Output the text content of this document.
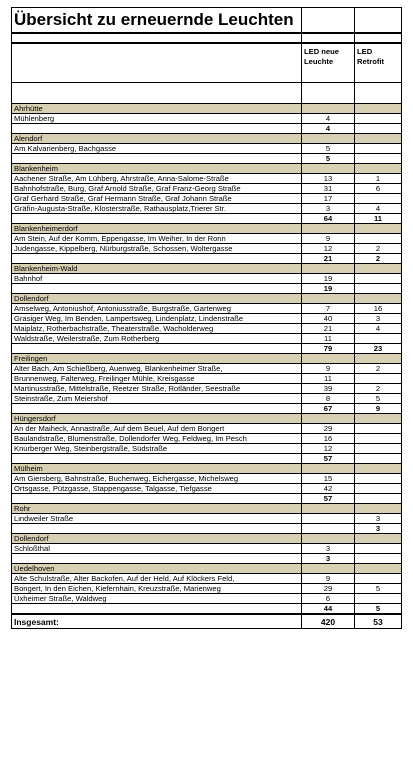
Übersicht zu erneuernde Leuchten		

	LED neue Leuchte	LED Retrofit

Ahrhütte		
Mühlenberg	4	
	4	
Alendorf		
Am Kalvarienberg, Bachgasse	5	
	5	
Blankenheim		
Aachener Straße, Am Lühberg, Ahrstraße, Anna-Salome-Straße	13	1
Bahnhofstraße, Burg, Graf Arnold Straße, Graf Franz-Georg Straße	31	6
Graf Gerhard Straße, Graf Hermann Straße, Graf Johann Straße	17	
Gräfin-Augusta-Straße, Klosterstraße, Rathausplatz,Trierer Str.	3	4
	64	11
Blankenheimerdorf		
Am Stein, Auf der Komm, Eppengasse, Im Weiher, In der Ronn	9	
Judengasse, Kippelberg, Nürburgstraße, Schossen, Woltergasse	12	2
	21	2
Blankenheim-Wald		
Bahnhof	19	
	19	
Dollendorf		
Amselweg, Antoniushof, Antoniusstraße, Burgstraße, Gartenweg	7	16
Grasiger Weg, Im Benden, Lampertsweg, Lindenplatz, Lindenstraße	40	3
Maiplatz, Rotherbachstraße, Theaterstraße, Wacholderweg	21	4
Waldstraße, Weilerstraße, Zum Rotherberg	11	
	79	23
Freilingen		
Alter Bach, Am Schießberg, Auenweg, Blankenheimer Straße,	9	2
Brunnenweg, Falterweg, Freilinger Mühle, Kreisgasse	11	
Martinusstraße, Mittelstraße, Reetzer Straße, Rotländer, Seestraße	39	2
Steinstraße, Zum Meiershof	8	5
	67	9
Hüngersdorf		
An der Maiheck, Annastraße, Auf dem Beuel, Auf dem Bongert	29	
Baulandstraße, Blumenstraße, Dollendorfer Weg, Feldweg, Im Pesch	16	
Knurberger Weg, Steinbergstraße, Südstraße	12	
	57	
Mülheim		
Am Giersberg, Bahnstraße, Buchenweg, Eichergasse, Michelsweg	15	
Ortsgasse, Pützgasse, Stappengasse, Talgasse, Tiefgasse	42	
	57	
Rohr		
Lindweiler Straße		3
		3
Dollendorf		
Schloßthal	3	
	3	
Uedelhoven		
Alte Schulstraße, Alter Backofen, Auf der Held, Auf Klöckers Feld,	9	
Bongert, In den Eichen, Kiefernhain, Kreuzstraße, Marienweg	29	5
Üxheimer Straße, Waldweg	6	
	44	5
Insgesamt:	420	53
